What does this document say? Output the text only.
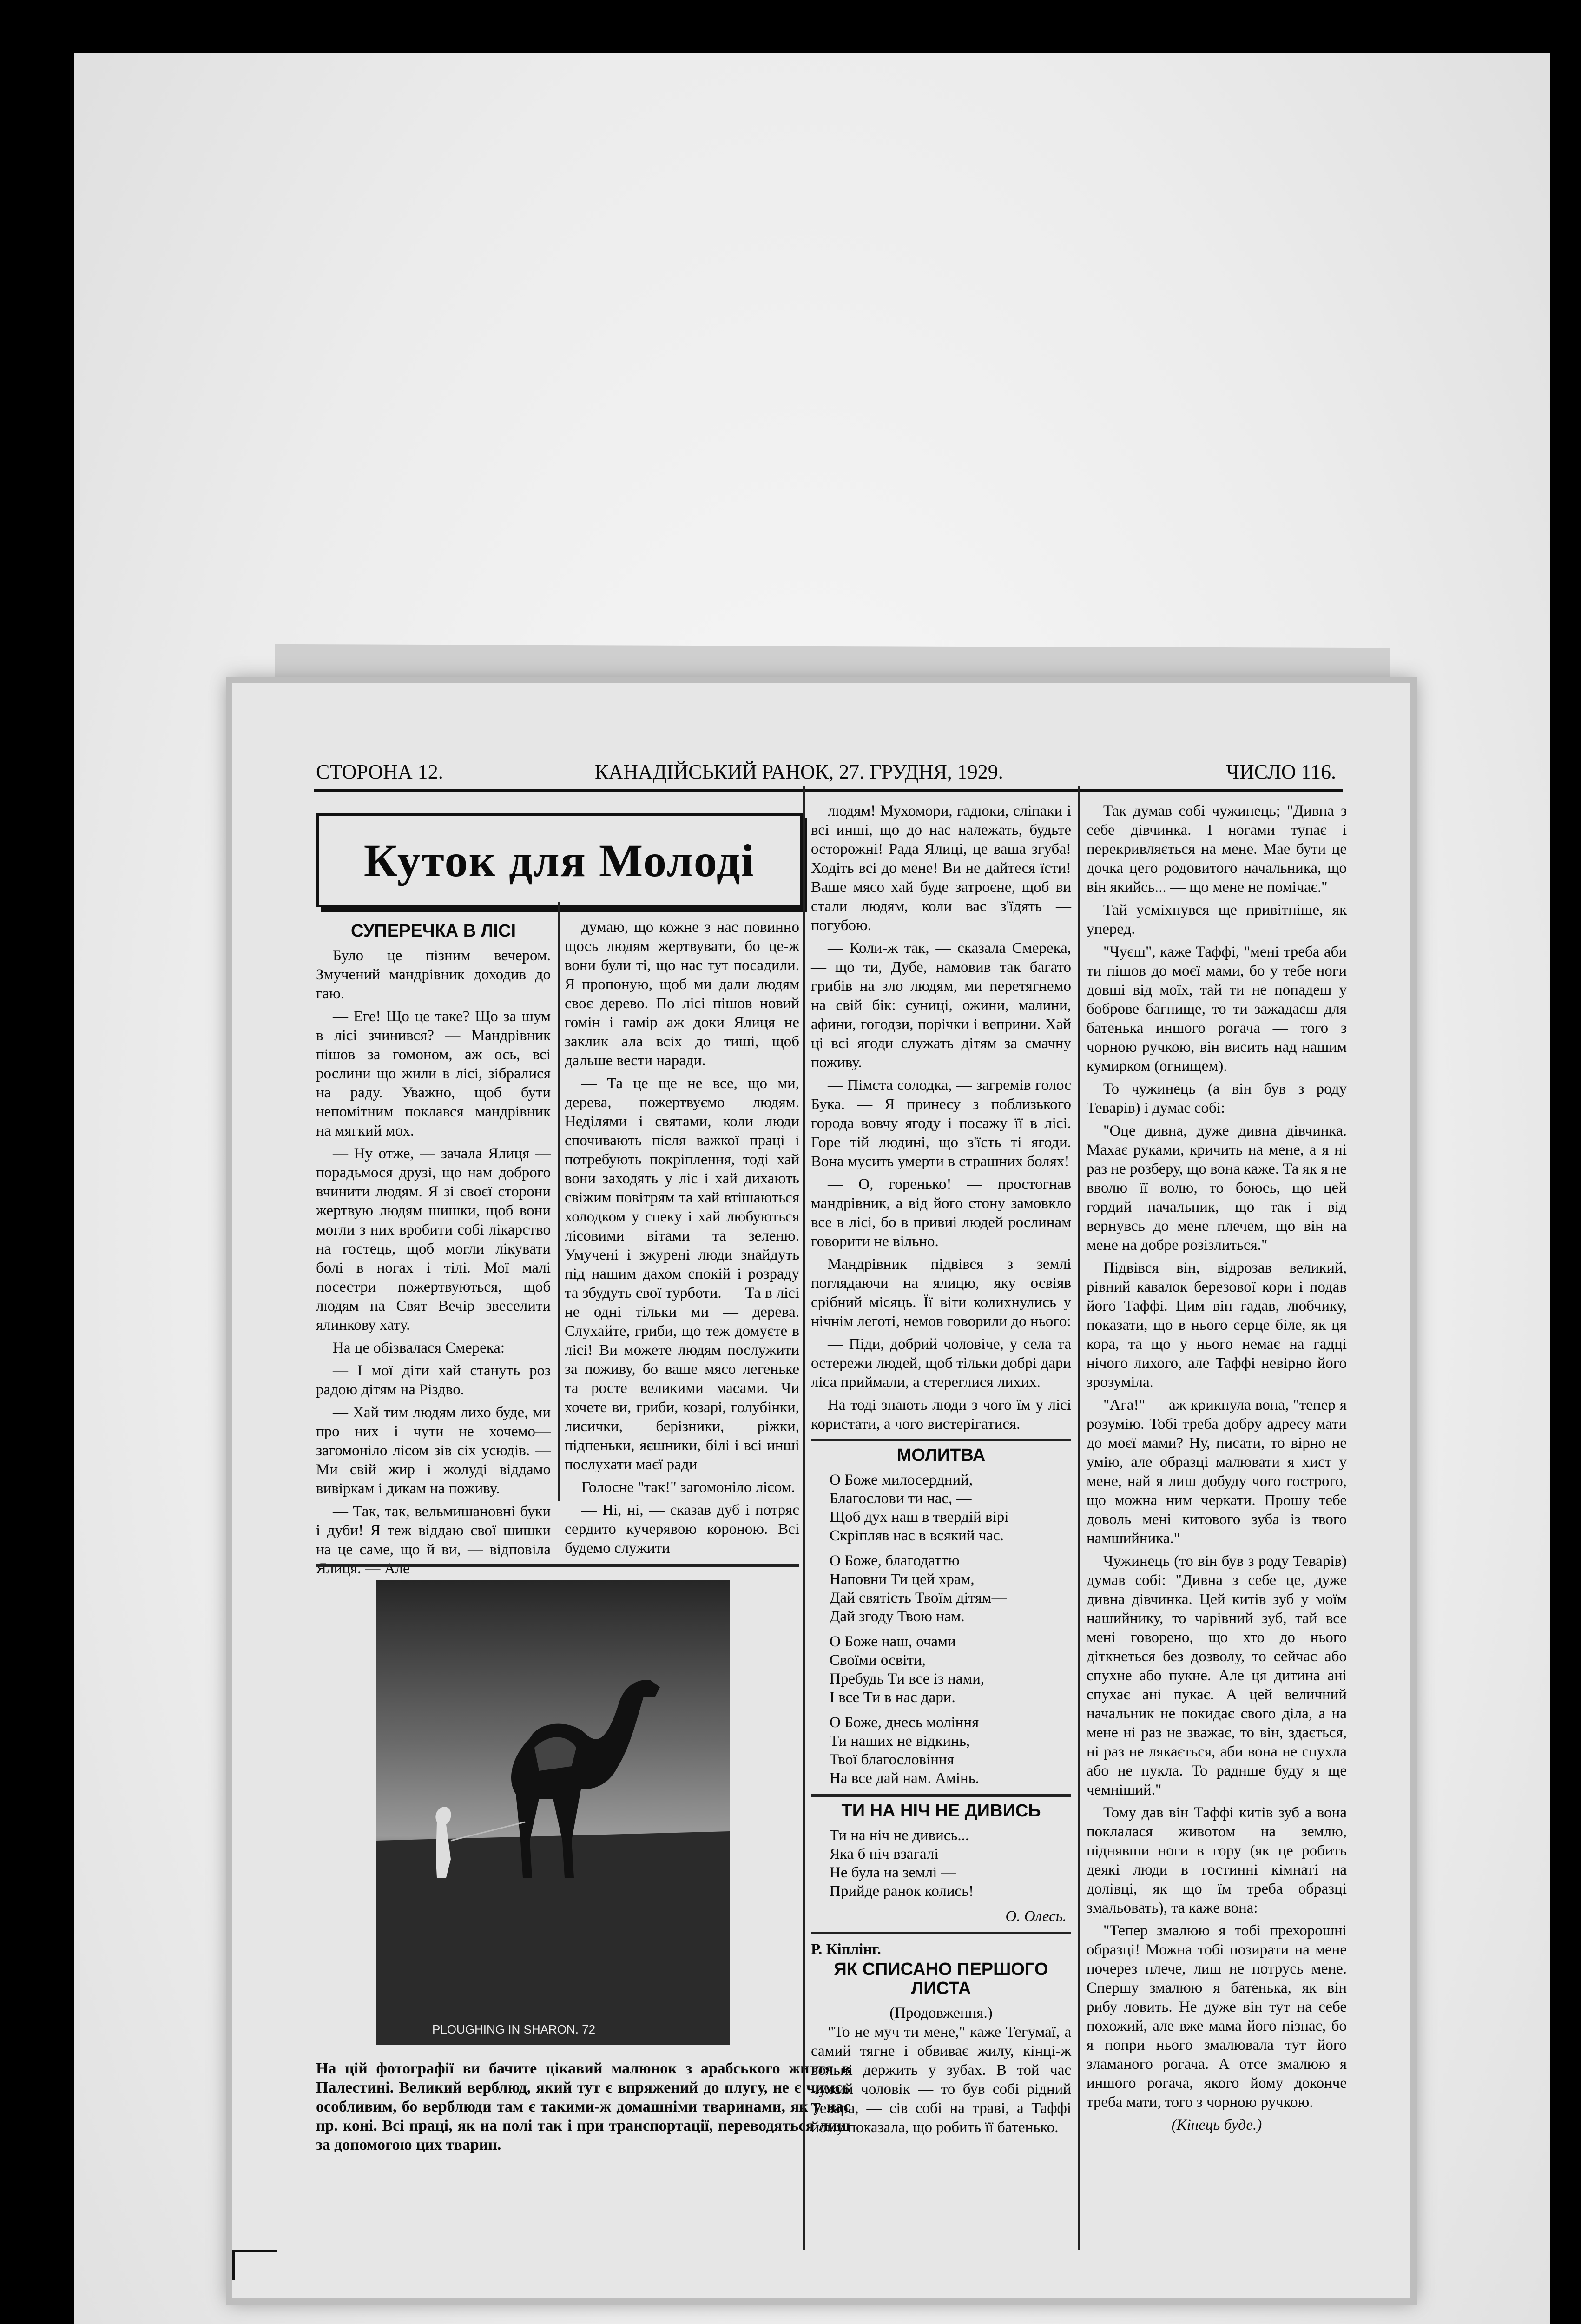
СТОРОНА 12.	КАНАДІЙСЬКИЙ РАНОК, 27. ГРУДНЯ, 1929.	ЧИСЛО 116.
Куток для Молоді
СУПЕРЕЧКА В ЛІСІ

Було це пізним вечером. Змучений мандрівник доходив до гаю.

— Еге! Що це таке? Що за шум в лісі зчинився? — Мандрівник пішов за гомоном, аж ось, всі рослини що жили в лісі, зібралися на раду. Уважно, щоб бути непомітним поклався мандрівник на мягкий мох.

— Ну отже, — зачала Ялиця — порадьмося друзі, що нам доброго вчинити людям. Я зі своєї сторони жертвую людям шишки, щоб вони могли з них вробити собі лікарство на гостець, щоб могли лікувати болі в ногах і тілі. Мої малі посестри пожертвуються, щоб людям на Свят Вечір звеселити ялинкову хату.

На це обізвалася Смерека:

— І мої діти хай стануть роз радою дітям на Різдво.

— Хай тим людям лихо буде, ми про них і чути не хочемо— загомоніло лісом зів сіх усюдів. — Ми свій жир і жолуді віддамо вивіркам і дикам на поживу.

— Так, так, вельмишановні буки і дуби! Я теж віддаю свої шишки на це саме, що й ви, — відповіла Ялиця. — Але

думаю, що кожне з нас повинно щось людям жертвувати, бо це-ж вони були ті, що нас тут посадили. Я пропоную, щоб ми дали людям своє дерево. По лісі пішов новий гомін і гамір аж доки Ялиця не заклик ала всіх до тиші, щоб дальше вести наради.

— Та це ще не все, що ми, дерева, пожертвуємо людям. Неділями і святами, коли люди спочивають після важкої праці і потребують покріплення, тоді хай вони заходять у ліс і хай дихають свіжим повітрям та хай втішаються холодком у спеку і хай любуються лісовими вітами та зеленю. Умучені і зжурені люди знайдуть під нашим дахом спокій і розраду та збудуть свої турботи. — Та в лісі не одні тільки ми — дерева. Слухайте, гриби, що теж домуєте в лісі! Ви можете людям послужити за поживу, бо ваше мясо легеньке та росте великими масами. Чи хочете ви, гриби, козарі, голубінки, лисички, берізники, ріжки, підпеньки, яєшники, білі і всі инші послухати маєї ради

Голосне "так!" загомоніло лісом.

— Ні, ні, — сказав дуб і потряс сердито кучерявою короною. Всі будемо служити

PLOUGHING IN SHARON. 72
На цій фотографії ви бачите цікавий малюнок з арабського життя в Палестині. Великий верблюд, який тут є впряжений до плугу, не є чимсь особливим, бо верблюди там є такими-ж домашніми тваринами, як у нас пр. коні. Всі праці, як на полі так і при транспортації, переводяться лиш за допомогою цих тварин.

людям! Мухомори, гадюки, сліпаки і всі инші, що до нас належать, будьте осторожні! Рада Ялиці, це ваша згуба! Ходіть всі до мене! Ви не дайтеся їсти! Ваше мясо хай буде затроєне, щоб ви стали людям, коли вас з'їдять — погубою.

— Коли-ж так, — сказала Смерека, — що ти, Дубе, намовив так багато грибів на зло людям, ми перетягнемо на свій бік: суниці, ожини, малини, афини, гогодзи, порічки і веприни. Хай ці всі ягоди служать дітям за смачну поживу.

— Пімста солодка, — загремів голос Бука. — Я принесу з поблизького города вовчу ягоду і посажу її в лісі. Горе тій людині, що з'їсть ті ягоди. Вона мусить умерти в страшних болях!

— О, горенько! — простогнав мандрівник, а від його стону замовкло все в лісі, бо в привиі людей рослинам говорити не вільно.

Мандрівник підвівся з землі поглядаючи на ялицю, яку освіяв срібний місяць. Її віти колихнулись у нічнім леготі, немов говорили до нього:

— Піди, добрий чоловіче, у села та остережи людей, щоб тільки добрі дари ліса приймали, а стереглися лихих.

На тоді знають люди з чого їм у лісі користати, а чого вистерігатися.

МОЛИТВА
О Боже милосердний,
Благослови ти нас, —
Щоб дух наш в твердій вірі
Скріпляв нас в всякий час.
О Боже, благодаттю
Наповни Ти цей храм,
Дай святість Твоїм дітям—
Дай згоду Твою нам.
О Боже наш, очами
Своїми освіти,
Пребудь Ти все із нами,
І все Ти в нас дари.
О Боже, днесь моління
Ти наших не відкинь,
Твої благословіння
На все дай нам. Амінь.
ТИ НА НІЧ НЕ ДИВИСЬ
Ти на ніч не дивись...
Яка б ніч взагалі
Не була на землі —
Прийде ранок колись!
О. Олесь.
Р. Кіплінг.
ЯК СПИСАНО ПЕРШОГО ЛИСТА
(Продовження.)

"То не муч ти мене," каже Тегумаї, а самий тягне і обвиває жилу, кінці-ж вольні держить у зубах. В той час чужий чоловік — то був собі рідний Тевара, — сів собі на траві, а Таффі йому показала, що робить її батенько.

Так думав собі чужинець; "Дивна з себе дівчинка. І ногами тупає і перекривляється на мене. Мае бути це дочка цего родовитого начальника, що він якийсь... — що мене не помічає."

Тай усміхнувся ще привітніше, як уперед.

"Чуєш", каже Таффі, "мені треба аби ти пішов до моєї мами, бо у тебе ноги довші від моїх, тай ти не попадеш у боброве багнище, то ти зажадаєш для батенька иншого рогача — того з чорною ручкою, він висить над нашим кумирком (огнищем).

То чужинець (а він був з роду Теварів) і думає собі:

"Оце дивна, дуже дивна дівчинка. Махає руками, кричить на мене, а я ні раз не розберу, що вона каже. Та як я не вволю її волю, то боюсь, що цей гордий начальник, що так і від вернувсь до мене плечем, що він на мене на добре розізлиться."

Підвівся він, відрозав великий, рівний кавалок березової кори і подав його Таффі. Цим він гадав, любчику, показати, що в нього серце біле, як ця кора, та що у нього немає на гадці нічого лихого, але Таффі невірно його зрозуміла.

"Ага!" — аж крикнула вона, "тепер я розумію. Тобі треба добру адресу мати до моєї мами? Ну, писати, то вірно не умію, але образці малювати я хист у мене, най я лиш добуду чого гострого, що можна ним черкати. Прошу тебе доволь мені китового зуба із твого намшийника."

Чужинець (то він був з роду Теварів) думав собі: "Дивна з себе це, дуже дивна дівчинка. Цей китів зуб у моїм нашийнику, то чарівний зуб, тай все мені говорено, що хто до нього діткнеться без дозволу, то сейчас або спухне або пукне. Але ця дитина ані спухає ані пукає. А цей величний начальник не покидає свого діла, а на мене ні раз не зважає, то він, здається, ні раз не лякається, аби вона не спухла або не пукла. То раднше буду я ще чемніший."

Тому дав він Таффі китів зуб а вона поклалася животом на землю, піднявши ноги в гору (як це робить деякі люди в гостинні кімнаті на долівці, як що їм треба образці змальовать), та каже вона:

"Тепер змалюю я тобі прехорошні образці! Можна тобі позирати на мене почерез плече, лиш не потрусь мене. Спершу змалюю я батенька, як він рибу ловить. Не дуже він тут на себе похожий, але вже мама його пізнає, бо я попри нього змалювала тут його зламаного рогача. А отсе змалюю я иншого рогача, якого йому доконче треба мати, того з чорною ручкою.

(Кінець буде.)
